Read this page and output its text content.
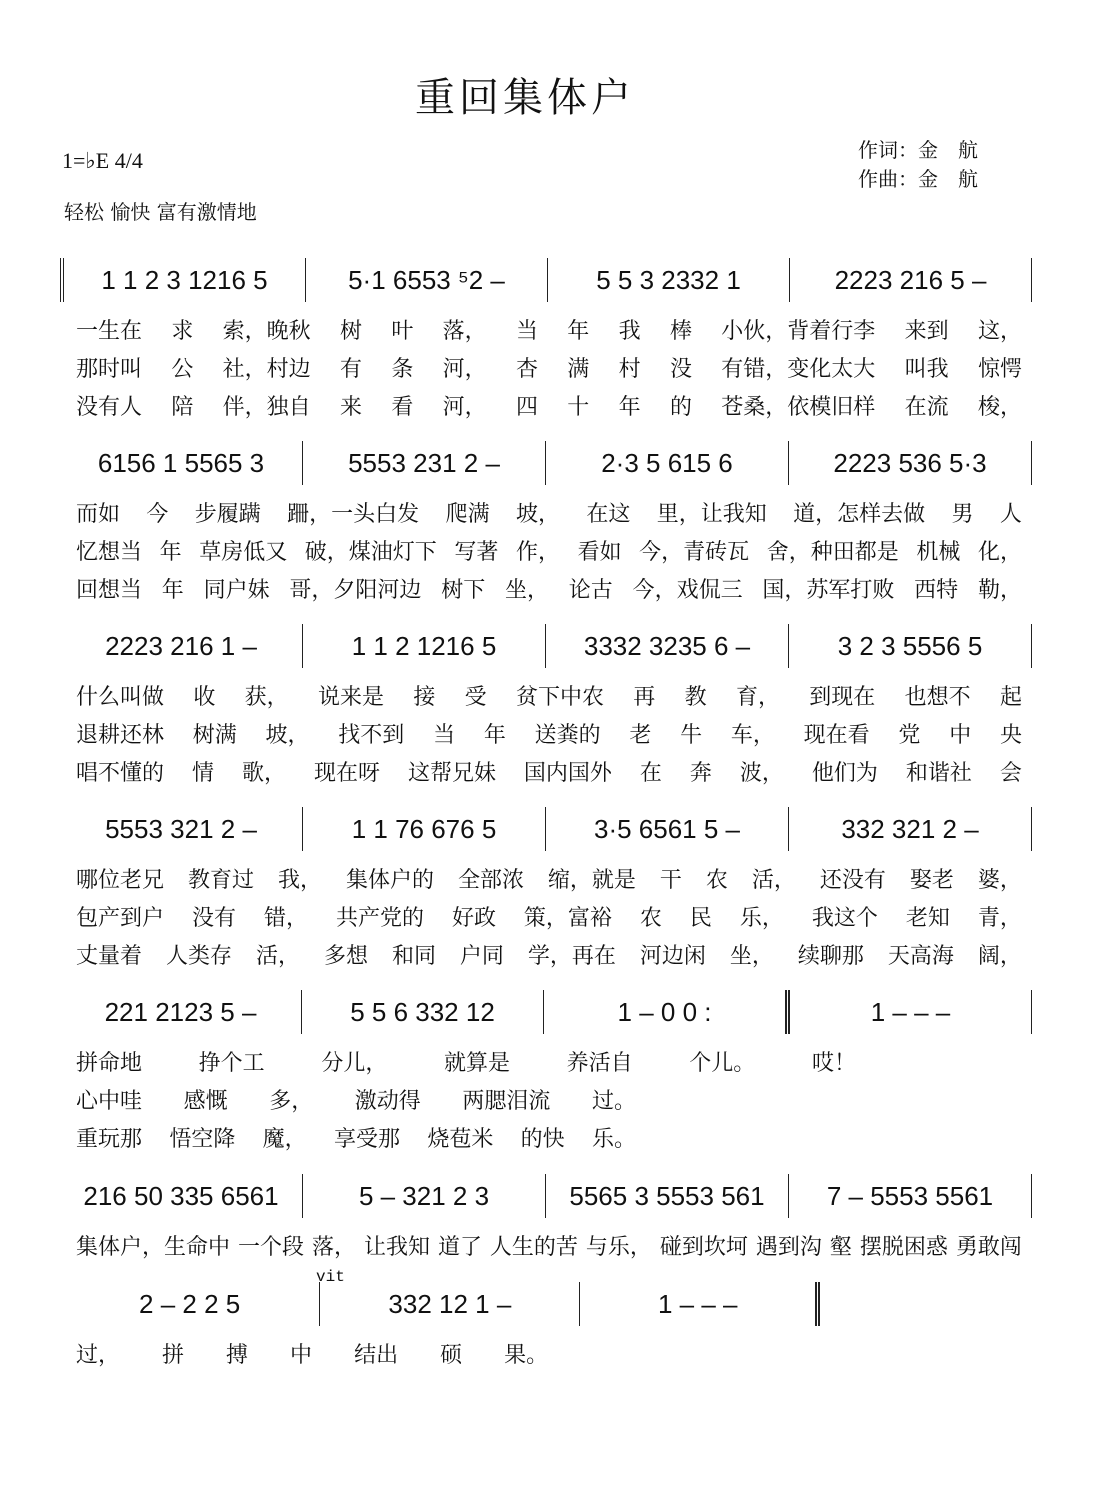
重回集体户
1=♭E 4/4
轻松 愉快 富有激情地
作词：金　航
作曲：金　航
1 1 2 3 1216 5	5·1 6553 ⁵2 –	5 5 3 2332 1	2223 216 5 –
一生在 求 索，晚秋 树 叶 落， 当 年 我 棒 小伙，背着行李 来到 这，
那时叫 公 社，村边 有 条 河， 杏 满 村 没 有错，变化太大 叫我 惊愕
没有人 陪 伴，独自 来 看 河， 四 十 年 的 苍桑，依模旧样 在流 梭，
6156 1 5565 3	5553 231 2 –	2·3 5 615 6	2223 536 5·3
而如 今 步履蹒 跚，一头白发 爬满 坡， 在这 里，让我知 道，怎样去做 男 人
忆想当 年 草房低又 破，煤油灯下 写著 作， 看如 今，青砖瓦 舍，种田都是 机械 化，
回想当 年 同户妹 哥，夕阳河边 树下 坐， 论古 今，戏侃三 国，苏军打败 西特 勒，
2223 216 1 –	1 1 2 1216 5	3332 3235 6 –	3 2 3 5556 5
什么叫做 收 获， 说来是 接 受 贫下中农 再 教 育， 到现在 也想不 起
退耕还林 树满 坡， 找不到 当 年 送粪的 老 牛 车， 现在看 党 中 央
唱不懂的 情 歌， 现在呀 这帮兄妹 国内国外 在 奔 波， 他们为 和谐社 会
5553 321 2 –	1 1 76 676 5	3·5 6561 5 –	332 321 2 –
哪位老兄 教育过 我， 集体户的 全部浓 缩，就是 干 农 活， 还没有 娶老 婆，
包产到户 没有 错， 共产党的 好政 策，富裕 农 民 乐， 我这个 老知 青，
丈量着 人类存 活， 多想 和同 户同 学，再在 河边闲 坐， 续聊那 天高海 阔，
221 2123 5 –	5 5 6 332 12	1 – 0 0 :	1 – – –
拼命地	挣个工	分儿，	就算是	养活自	个儿。	哎！
心中哇 感慨 多， 激动得 两腮泪流 过。
重玩那 悟空降 魔， 享受那 烧苞米 的快 乐。
216 50 335 6561	5 – 321 2 3	5565 3 5553 561	7 – 5553 5561
集体户，生命中 一个段 落， 让我知 道了 人生的苦 与乐， 碰到坎坷 遇到沟 壑 摆脱困惑 勇敢闯
2 – 2 2 5	332 12 1 –	1 – – –
vit
过， 拼 搏 中 结出 硕 果。
